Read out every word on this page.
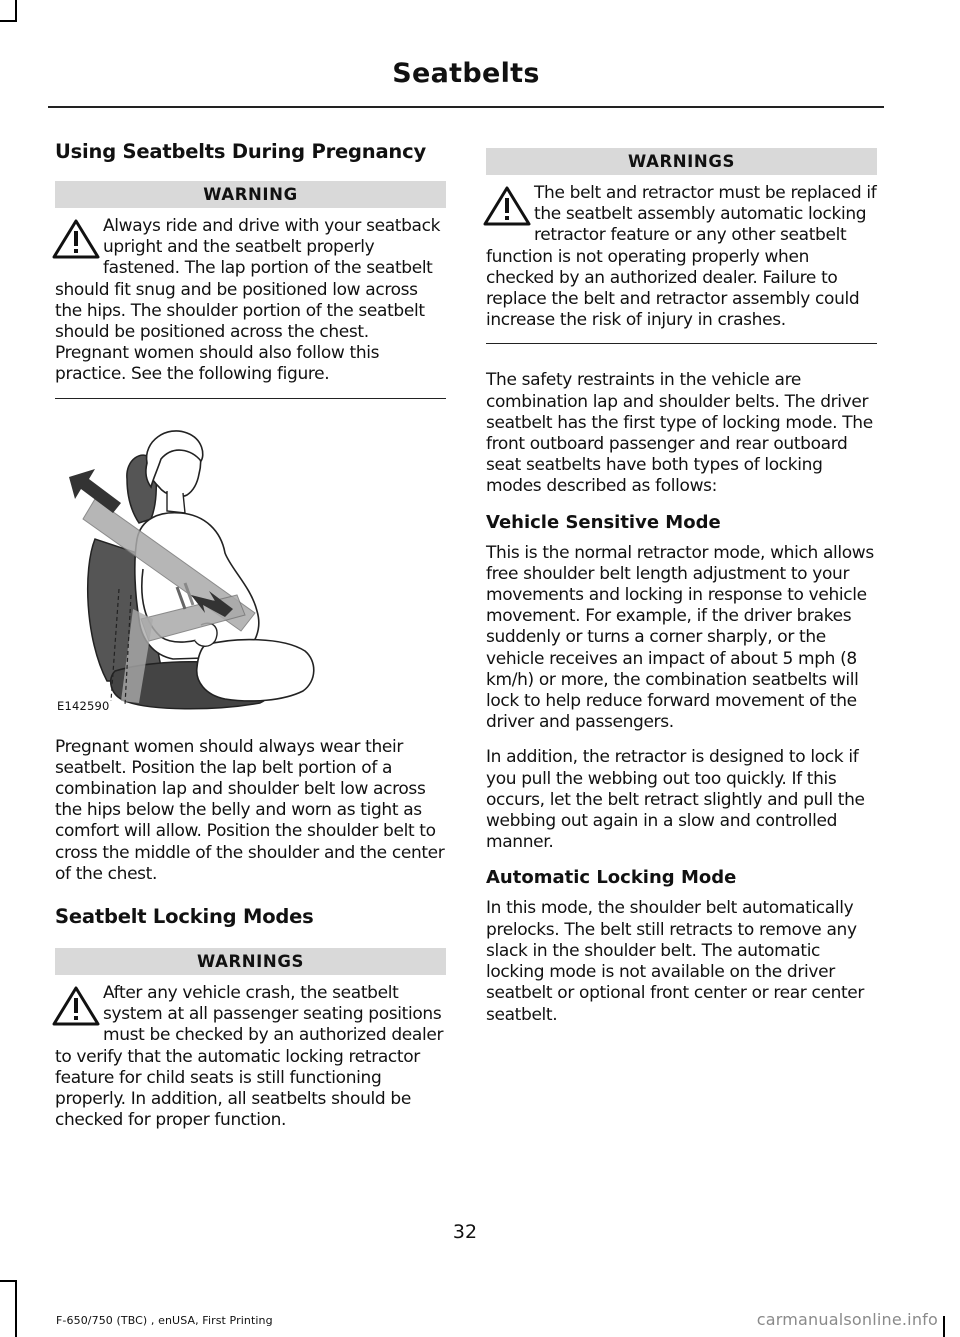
Seatbelts
Using Seatbelts During Pregnancy
WARNING

Always ride and drive with your seatback upright and the seatbelt properly fastened. The lap portion of the seatbelt should fit snug and be positioned low across the hips. The shoulder portion of the seatbelt should be positioned across the chest. Pregnant women should also follow this practice. See the following figure.

E142590

Pregnant women should always wear their seatbelt. Position the lap belt portion of a combination lap and shoulder belt low across the hips below the belly and worn as tight as comfort will allow. Position the shoulder belt to cross the middle of the shoulder and the center of the chest.

Seatbelt Locking Modes
WARNINGS

After any vehicle crash, the seatbelt system at all passenger seating positions must be checked by an authorized dealer to verify that the automatic locking retractor feature for child seats is still functioning properly. In addition, all seatbelts should be checked for proper function.

WARNINGS

The belt and retractor must be replaced if the seatbelt assembly automatic locking retractor feature or any other seatbelt function is not operating properly when checked by an authorized dealer. Failure to replace the belt and retractor assembly could increase the risk of injury in crashes.

The safety restraints in the vehicle are combination lap and shoulder belts. The driver seatbelt has the first type of locking mode. The front outboard passenger and rear outboard seat seatbelts have both types of locking modes described as follows:

Vehicle Sensitive Mode

This is the normal retractor mode, which allows free shoulder belt length adjustment to your movements and locking in response to vehicle movement. For example, if the driver brakes suddenly or turns a corner sharply, or the vehicle receives an impact of about 5 mph (8 km/h) or more, the combination seatbelts will lock to help reduce forward movement of the driver and passengers.

In addition, the retractor is designed to lock if you pull the webbing out too quickly. If this occurs, let the belt retract slightly and pull the webbing out again in a slow and controlled manner.

Automatic Locking Mode

In this mode, the shoulder belt automatically prelocks. The belt still retracts to remove any slack in the shoulder belt. The automatic locking mode is not available on the driver seatbelt or optional front center or rear center seatbelt.

32
F-650/750 (TBC) , enUSA, First Printing	carmanualsonline.info
